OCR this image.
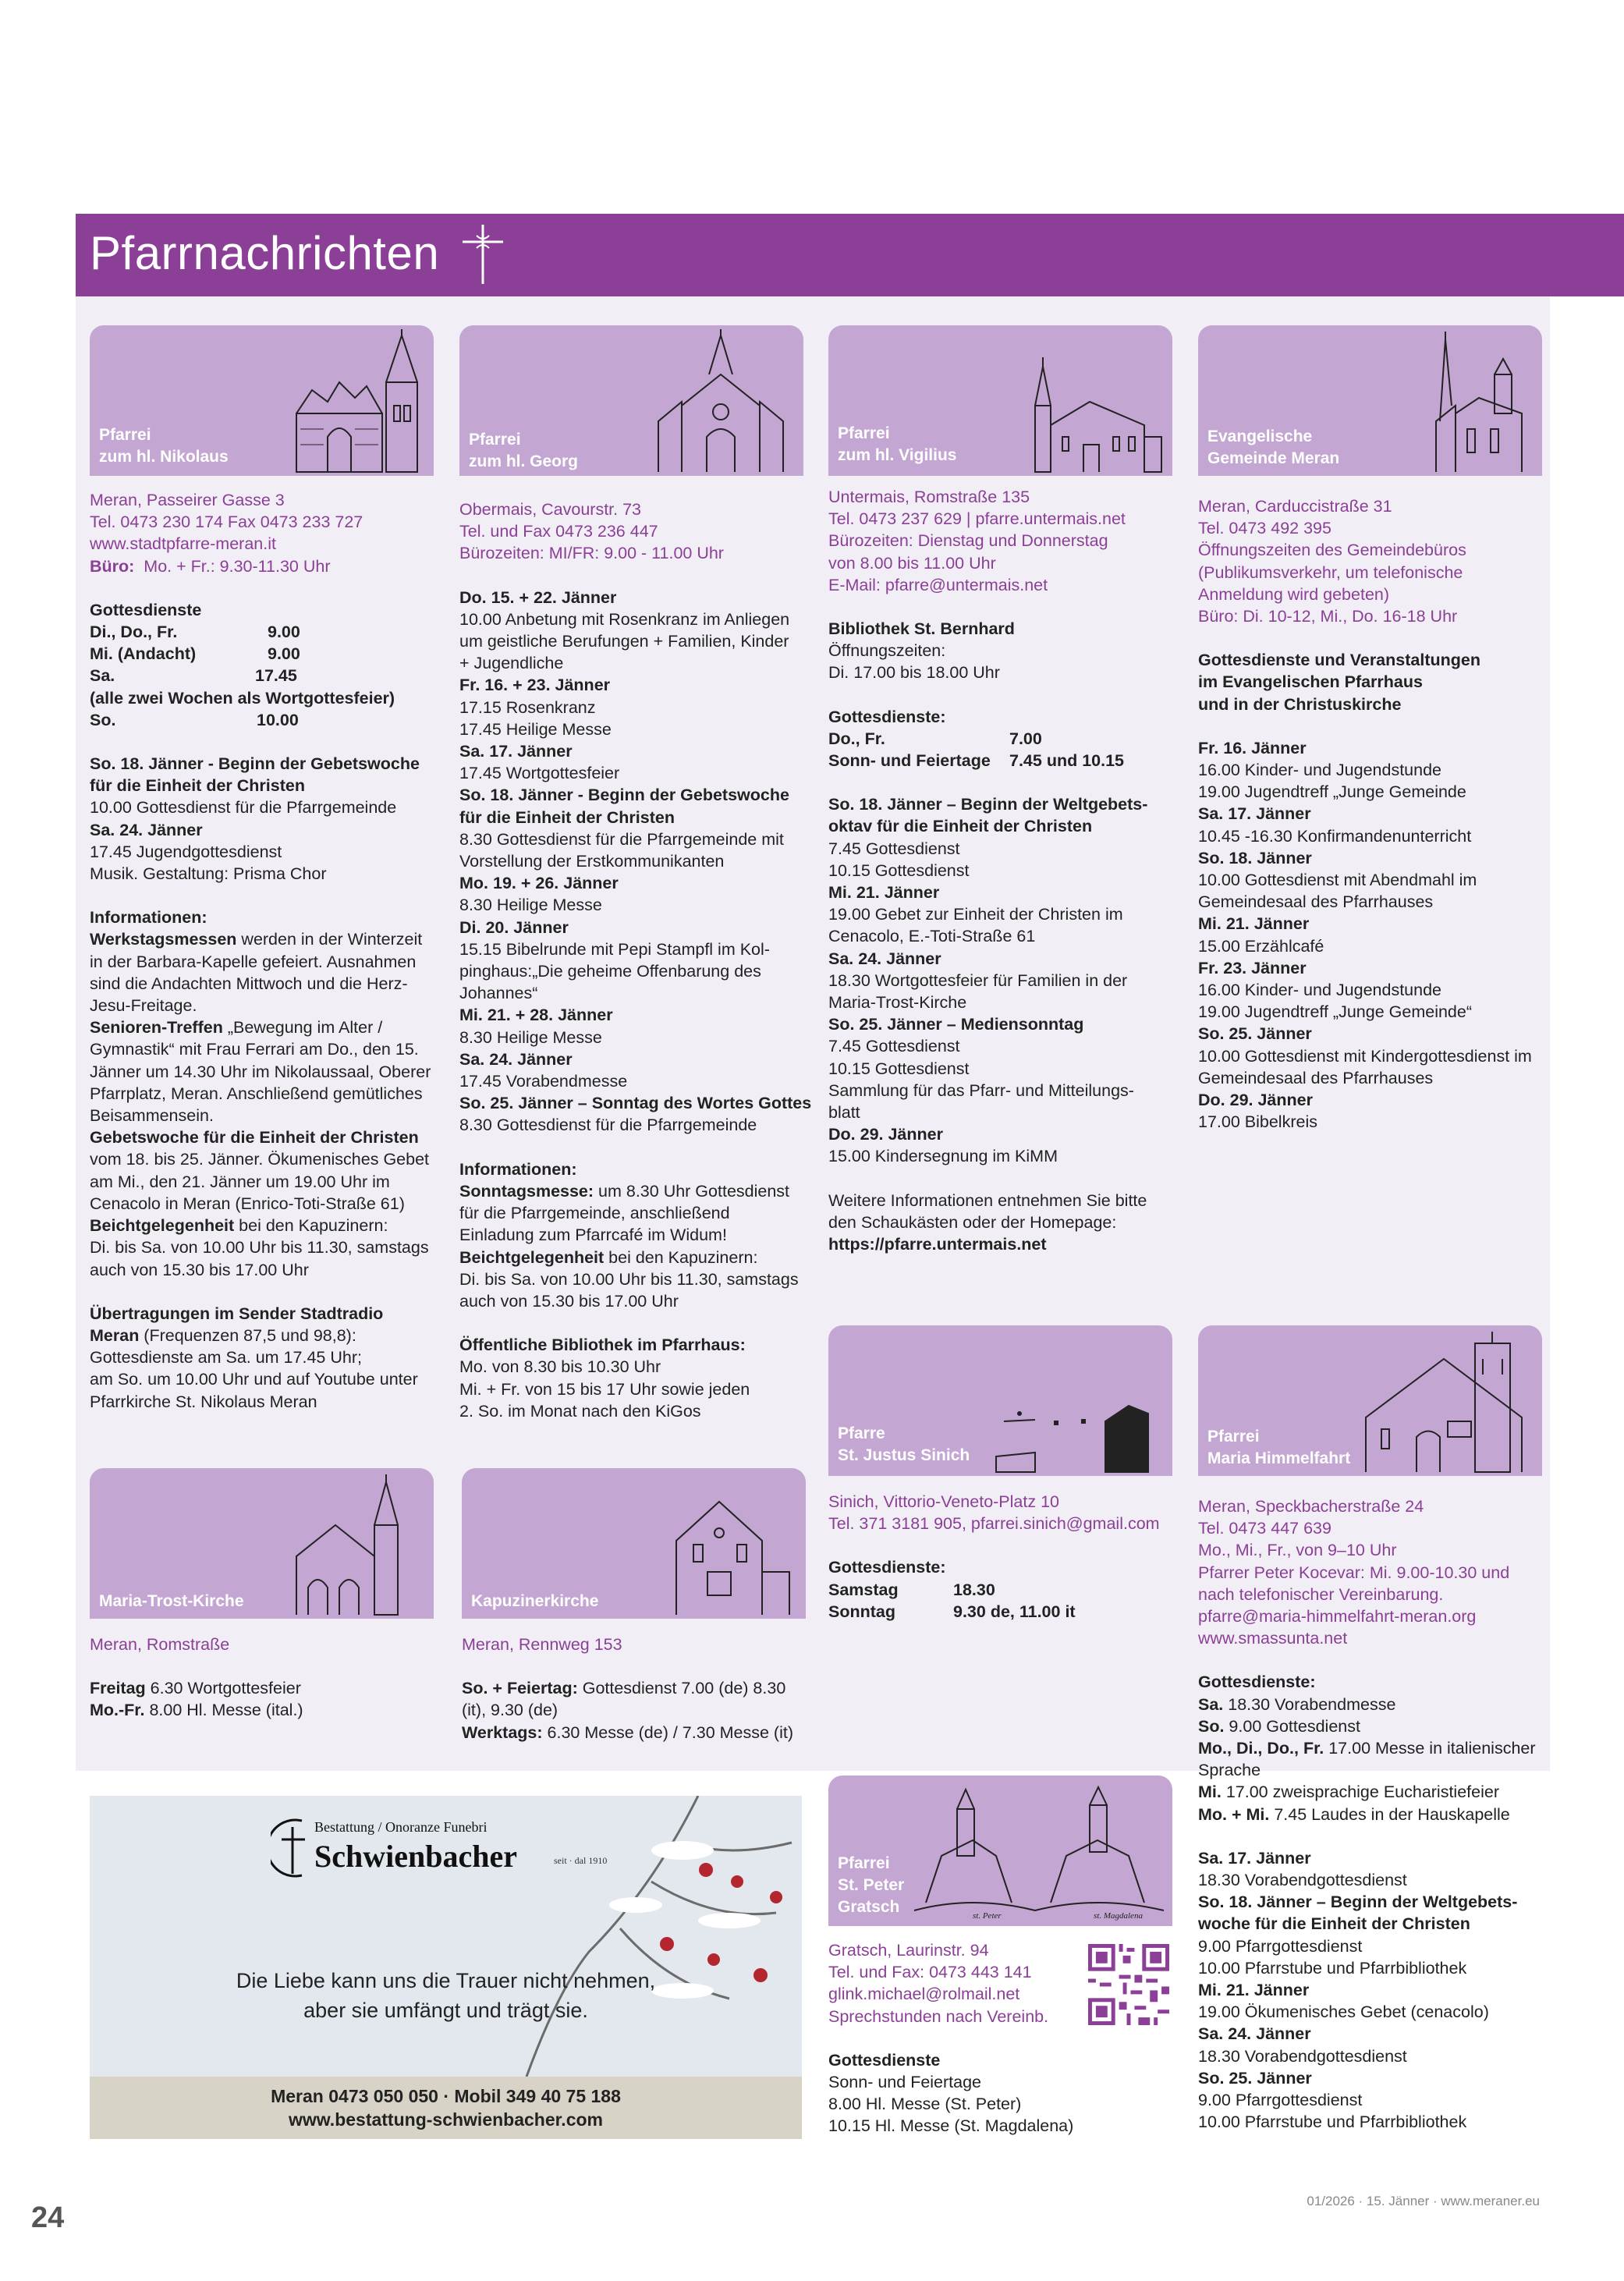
Pfarrnachrichten
Pfarrei
zum hl. Nikolaus

Meran, Passeirer Gasse 3

Tel. 0473 230 174 Fax 0473 233 727

www.stadtpfarre-meran.it

Büro: Mo. + Fr.: 9.30-11.30 Uhr

Gottesdienste

Di., Do., Fr.	9.00
Mi. (Andacht)	9.00
Sa.	17.45

(alle zwei Wochen als Wortgottesfeier)

So.	10.00

So. 18. Jänner - Beginn der Gebetswoche

für die Einheit der Christen

10.00 Gottesdienst für die Pfarrgemeinde

Sa. 24. Jänner

17.45 Jugendgottesdienst

Musik. Gestaltung: Prisma Chor

Informationen:

Werkstagsmessen werden in der Winterzeit

in der Barbara-Kapelle gefeiert. Ausnahmen

sind die Andachten Mittwoch und die Herz-

Jesu-Freitage.

Senioren-Treffen „Bewegung im Alter /

Gymnastik“ mit Frau Ferrari am Do., den 15.

Jänner um 14.30 Uhr im Nikolaussaal, Oberer

Pfarrplatz, Meran. Anschließend gemütliches

Beisammensein.

Gebetswoche für die Einheit der Christen

vom 18. bis 25. Jänner. Ökumenisches Gebet

am Mi., den 21. Jänner um 19.00 Uhr im

Cenacolo in Meran (Enrico-Toti-Straße 61)

Beichtgelegenheit bei den Kapuzinern:

Di. bis Sa. von 10.00 Uhr bis 11.30, samstags

auch von 15.30 bis 17.00 Uhr

Übertragungen im Sender Stadtradio

Meran (Frequenzen 87,5 und 98,8):

Gottesdienste am Sa. um 17.45 Uhr;

am So. um 10.00 Uhr und auf Youtube unter

Pfarrkirche St. Nikolaus Meran

Pfarrei
zum hl. Georg

Obermais, Cavourstr. 73

Tel. und Fax 0473 236 447

Bürozeiten: MI/FR: 9.00 - 11.00 Uhr

Do. 15. + 22. Jänner

10.00 Anbetung mit Rosenkranz im Anliegen

um geistliche Berufungen + Familien, Kinder

+ Jugendliche

Fr. 16. + 23. Jänner

17.15 Rosenkranz

17.45 Heilige Messe

Sa. 17. Jänner

17.45 Wortgottesfeier

So. 18. Jänner - Beginn der Gebetswoche

für die Einheit der Christen

8.30 Gottesdienst für die Pfarrgemeinde mit

Vorstellung der Erstkommunikanten

Mo. 19. + 26. Jänner

8.30 Heilige Messe

Di. 20. Jänner

15.15 Bibelrunde mit Pepi Stampfl im Kol-

pinghaus:„Die geheime Offenbarung des

Johannes“

Mi. 21. + 28. Jänner

8.30 Heilige Messe

Sa. 24. Jänner

17.45 Vorabendmesse

So. 25. Jänner – Sonntag des Wortes Gottes

8.30 Gottesdienst für die Pfarrgemeinde

Informationen:

Sonntagsmesse: um 8.30 Uhr Gottesdienst

für die Pfarrgemeinde, anschließend

Einladung zum Pfarrcafé im Widum!

Beichtgelegenheit bei den Kapuzinern:

Di. bis Sa. von 10.00 Uhr bis 11.30, samstags

auch von 15.30 bis 17.00 Uhr

Öffentliche Bibliothek im Pfarrhaus:

Mo. von 8.30 bis 10.30 Uhr

Mi. + Fr. von 15 bis 17 Uhr sowie jeden

2. So. im Monat nach den KiGos

Pfarrei
zum hl. Vigilius

Untermais, Romstraße 135

Tel. 0473 237 629 | pfarre.untermais.net

Bürozeiten: Dienstag und Donnerstag

von 8.00 bis 11.00 Uhr

E-Mail: pfarre@untermais.net

Bibliothek St. Bernhard

Öffnungszeiten:

Di. 17.00 bis 18.00 Uhr

Gottesdienste:

Do., Fr.	7.00
Sonn- und Feiertage	7.45 und 10.15

So. 18. Jänner – Beginn der Weltgebets-

oktav für die Einheit der Christen

7.45 Gottesdienst

10.15 Gottesdienst

Mi. 21. Jänner

19.00 Gebet zur Einheit der Christen im

Cenacolo, E.-Toti-Straße 61

Sa. 24. Jänner

18.30 Wortgottesfeier für Familien in der

Maria-Trost-Kirche

So. 25. Jänner – Mediensonntag

7.45 Gottesdienst

10.15 Gottesdienst

Sammlung für das Pfarr- und Mitteilungs-

blatt

Do. 29. Jänner

15.00 Kindersegnung im KiMM

Weitere Informationen entnehmen Sie bitte

den Schaukästen oder der Homepage:

https://pfarre.untermais.net

Evangelische
Gemeinde Meran

Meran, Carduccistraße 31

Tel. 0473 492 395

Öffnungszeiten des Gemeindebüros

(Publikumsverkehr, um telefonische

Anmeldung wird gebeten)

Büro: Di. 10-12, Mi., Do. 16-18 Uhr

Gottesdienste und Veranstaltungen

im Evangelischen Pfarrhaus

und in der Christuskirche

Fr. 16. Jänner

16.00 Kinder- und Jugendstunde

19.00 Jugendtreff „Junge Gemeinde

Sa. 17. Jänner

10.45 -16.30 Konfirmandenunterricht

So. 18. Jänner

10.00 Gottesdienst mit Abendmahl im

Gemeindesaal des Pfarrhauses

Mi. 21. Jänner

15.00 Erzählcafé

Fr. 23. Jänner

16.00 Kinder- und Jugendstunde

19.00 Jugendtreff „Junge Gemeinde“

So. 25. Jänner

10.00 Gottesdienst mit Kindergottesdienst im

Gemeindesaal des Pfarrhauses

Do. 29. Jänner

17.00 Bibelkreis

Pfarre
St. Justus Sinich

Sinich, Vittorio-Veneto-Platz 10

Tel. 371 3181 905, pfarrei.sinich@gmail.com

Gottesdienste:

Samstag	18.30
Sonntag	9.30 de, 11.00 it
Pfarrei
Maria Himmelfahrt

Meran, Speckbacherstraße 24

Tel. 0473 447 639

Mo., Mi., Fr., von 9–10 Uhr

Pfarrer Peter Kocevar: Mi. 9.00-10.30 und

nach telefonischer Vereinbarung.

pfarre@maria-himmelfahrt-meran.org

www.smassunta.net

Gottesdienste:

Sa. 18.30 Vorabendmesse

So. 9.00 Gottesdienst

Mo., Di., Do., Fr. 17.00 Messe in italienischer

Sprache

Mi. 17.00 zweisprachige Eucharistiefeier

Mo. + Mi. 7.45 Laudes in der Hauskapelle

Sa. 17. Jänner

18.30 Vorabendgottesdienst

So. 18. Jänner – Beginn der Weltgebets-

woche für die Einheit der Christen

9.00 Pfarrgottesdienst

10.00 Pfarrstube und Pfarrbibliothek

Mi. 21. Jänner

19.00 Ökumenisches Gebet (cenacolo)

Sa. 24. Jänner

18.30 Vorabendgottesdienst

So. 25. Jänner

9.00 Pfarrgottesdienst

10.00 Pfarrstube und Pfarrbibliothek

Maria-Trost-Kirche

Meran, Romstraße

Freitag 6.30 Wortgottesfeier

Mo.-Fr. 8.00 Hl. Messe (ital.)

Kapuzinerkirche

Meran, Rennweg 153

So. + Feiertag: Gottesdienst 7.00 (de) 8.30

(it), 9.30 (de)

Werktags: 6.30 Messe (de) / 7.30 Messe (it)

Pfarrei
St. Peter
Gratsch	st. Peter	st. Magdalena

Gratsch, Laurinstr. 94

Tel. und Fax: 0473 443 141

glink.michael@rolmail.net

Sprechstunden nach Vereinb.

Gottesdienste

Sonn- und Feiertage

8.00 Hl. Messe (St. Peter)

10.15 Hl. Messe (St. Magdalena)

Bestattung / Onoranze Funebri
Schwienbacher	seit · dal 1910
Die Liebe kann uns die Trauer nicht nehmen,
aber sie umfängt und trägt sie.
Meran 0473 050 050 · Mobil 349 40 75 188
www.bestattung-schwienbacher.com
24
01/2026 · 15. Jänner · www.meraner.eu
